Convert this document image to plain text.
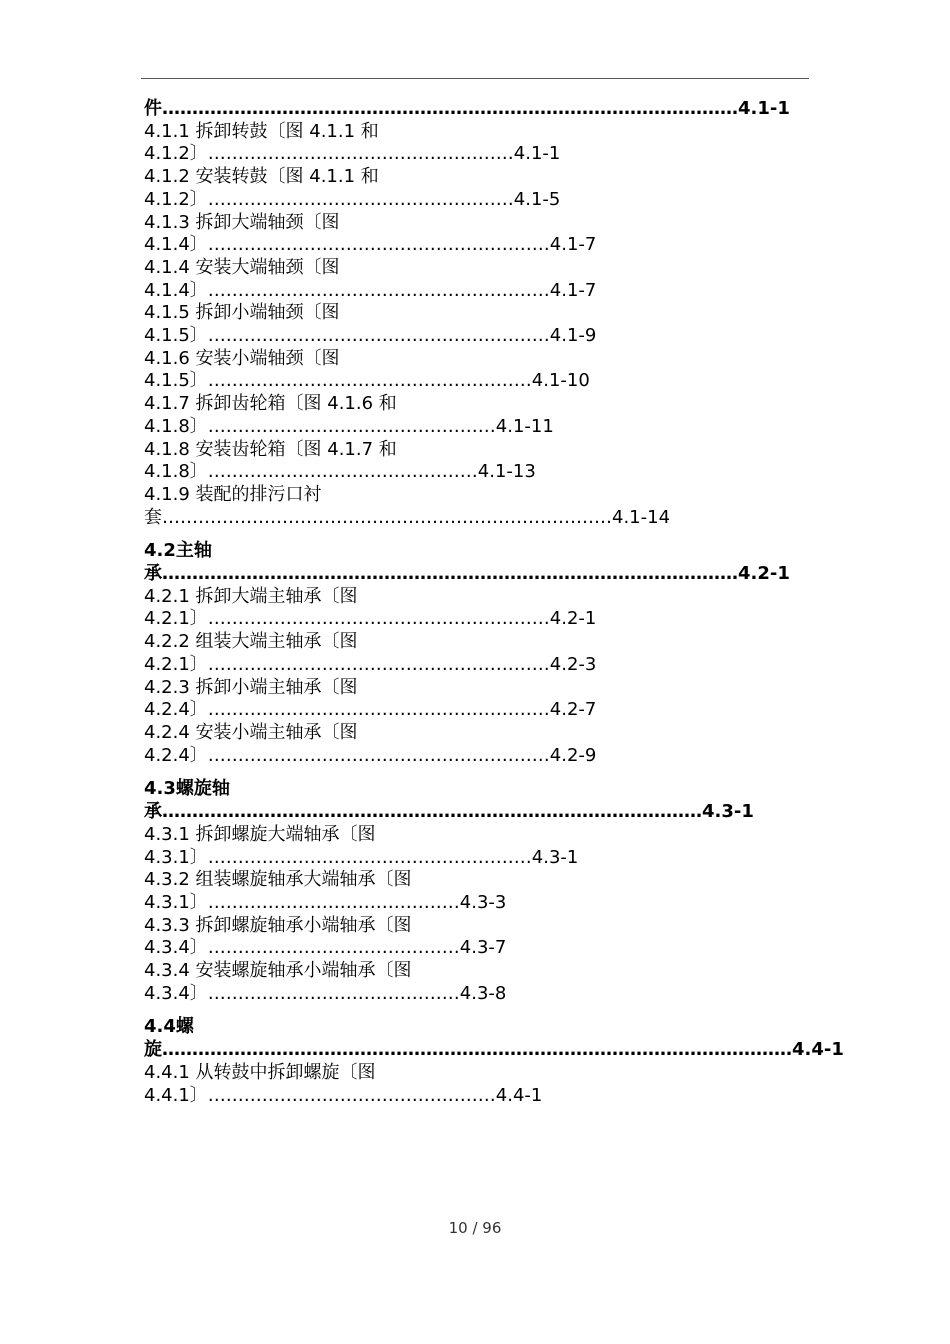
件……………………………………………………………………………………4.1-1
4.1.1 拆卸转鼓〔图 4.1.1 和
4.1.2〕……………………………………………4.1-1
4.1.2 安装转鼓〔图 4.1.1 和
4.1.2〕……………………………………………4.1-5
4.1.3 拆卸大端轴颈〔图
4.1.4〕…………………………………………………4.1-7
4.1.4 安装大端轴颈〔图
4.1.4〕…………………………………………………4.1-7
4.1.5 拆卸小端轴颈〔图
4.1.5〕…………………………………………………4.1-9
4.1.6 安装小端轴颈〔图
4.1.5〕………………………………………………4.1-10
4.1.7 拆卸齿轮箱〔图 4.1.6 和
4.1.8〕…………………………………………4.1-11
4.1.8 安装齿轮箱〔图 4.1.7 和
4.1.8〕………………………………………4.1-13
4.1.9 装配的排污口衬
套…………………………………………………………………4.1-14
4.2主轴
承……………………………………………………………………………………4.2-1
4.2.1 拆卸大端主轴承〔图
4.2.1〕…………………………………………………4.2-1
4.2.2 组装大端主轴承〔图
4.2.1〕…………………………………………………4.2-3
4.2.3 拆卸小端主轴承〔图
4.2.4〕…………………………………………………4.2-7
4.2.4 安装小端主轴承〔图
4.2.4〕…………………………………………………4.2-9
4.3螺旋轴
承………………………………………………………………………………4.3-1
4.3.1 拆卸螺旋大端轴承〔图
4.3.1〕………………………………………………4.3-1
4.3.2 组装螺旋轴承大端轴承〔图
4.3.1〕……………………………………4.3-3
4.3.3 拆卸螺旋轴承小端轴承〔图
4.3.4〕……………………………………4.3-7
4.3.4 安装螺旋轴承小端轴承〔图
4.3.4〕……………………………………4.3-8
4.4螺
旋……………………………………………………………………………………………4.4-1
4.4.1 从转鼓中拆卸螺旋〔图
4.4.1〕…………………………………………4.4-1
10 / 96
